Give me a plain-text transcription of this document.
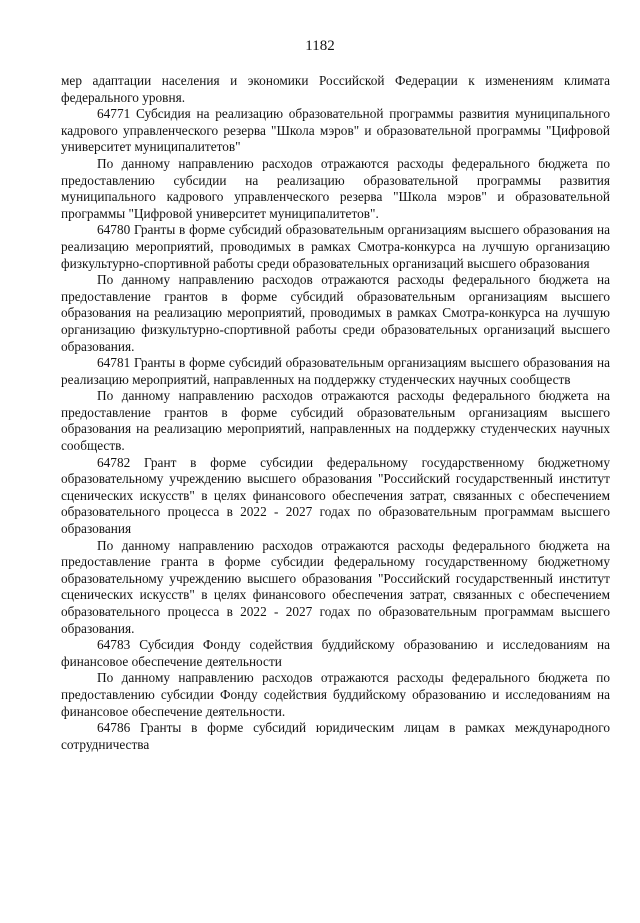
1182

мер адаптации населения и экономики Российской Федерации к изменениям климата федерального уровня.

64771 Субсидия на реализацию образовательной программы развития муниципального кадрового управленческого резерва "Школа мэров" и образовательной программы "Цифровой университет муниципалитетов"

По данному направлению расходов отражаются расходы федерального бюджета по предоставлению субсидии на реализацию образовательной программы развития муниципального кадрового управленческого резерва "Школа мэров" и образовательной программы "Цифровой университет муниципалитетов".

64780 Гранты в форме субсидий образовательным организациям высшего образования на реализацию мероприятий, проводимых в рамках Смотра-конкурса на лучшую организацию физкультурно-спортивной работы среди образовательных организаций высшего образования

По данному направлению расходов отражаются расходы федерального бюджета на предоставление грантов в форме субсидий образовательным организациям высшего образования на реализацию мероприятий, проводимых в рамках Смотра-конкурса на лучшую организацию физкультурно-спортивной работы среди образовательных организаций высшего образования.

64781 Гранты в форме субсидий образовательным организациям высшего образования на реализацию мероприятий, направленных на поддержку студенческих научных сообществ

По данному направлению расходов отражаются расходы федерального бюджета на предоставление грантов в форме субсидий образовательным организациям высшего образования на реализацию мероприятий, направленных на поддержку студенческих научных сообществ.

64782 Грант в форме субсидии федеральному государственному бюджетному образовательному учреждению высшего образования "Российский государственный институт сценических искусств" в целях финансового обеспечения затрат, связанных с обеспечением образовательного процесса в 2022 - 2027 годах по образовательным программам высшего образования

По данному направлению расходов отражаются расходы федерального бюджета на предоставление гранта в форме субсидии федеральному государственному бюджетному образовательному учреждению высшего образования "Российский государственный институт сценических искусств" в целях финансового обеспечения затрат, связанных с обеспечением образовательного процесса в 2022 - 2027 годах по образовательным программам высшего образования.

64783 Субсидия Фонду содействия буддийскому образованию и исследованиям на финансовое обеспечение деятельности

По данному направлению расходов отражаются расходы федерального бюджета по предоставлению субсидии Фонду содействия буддийскому образованию и исследованиям на финансовое обеспечение деятельности.

64786 Гранты в форме субсидий юридическим лицам в рамках международного сотрудничества
